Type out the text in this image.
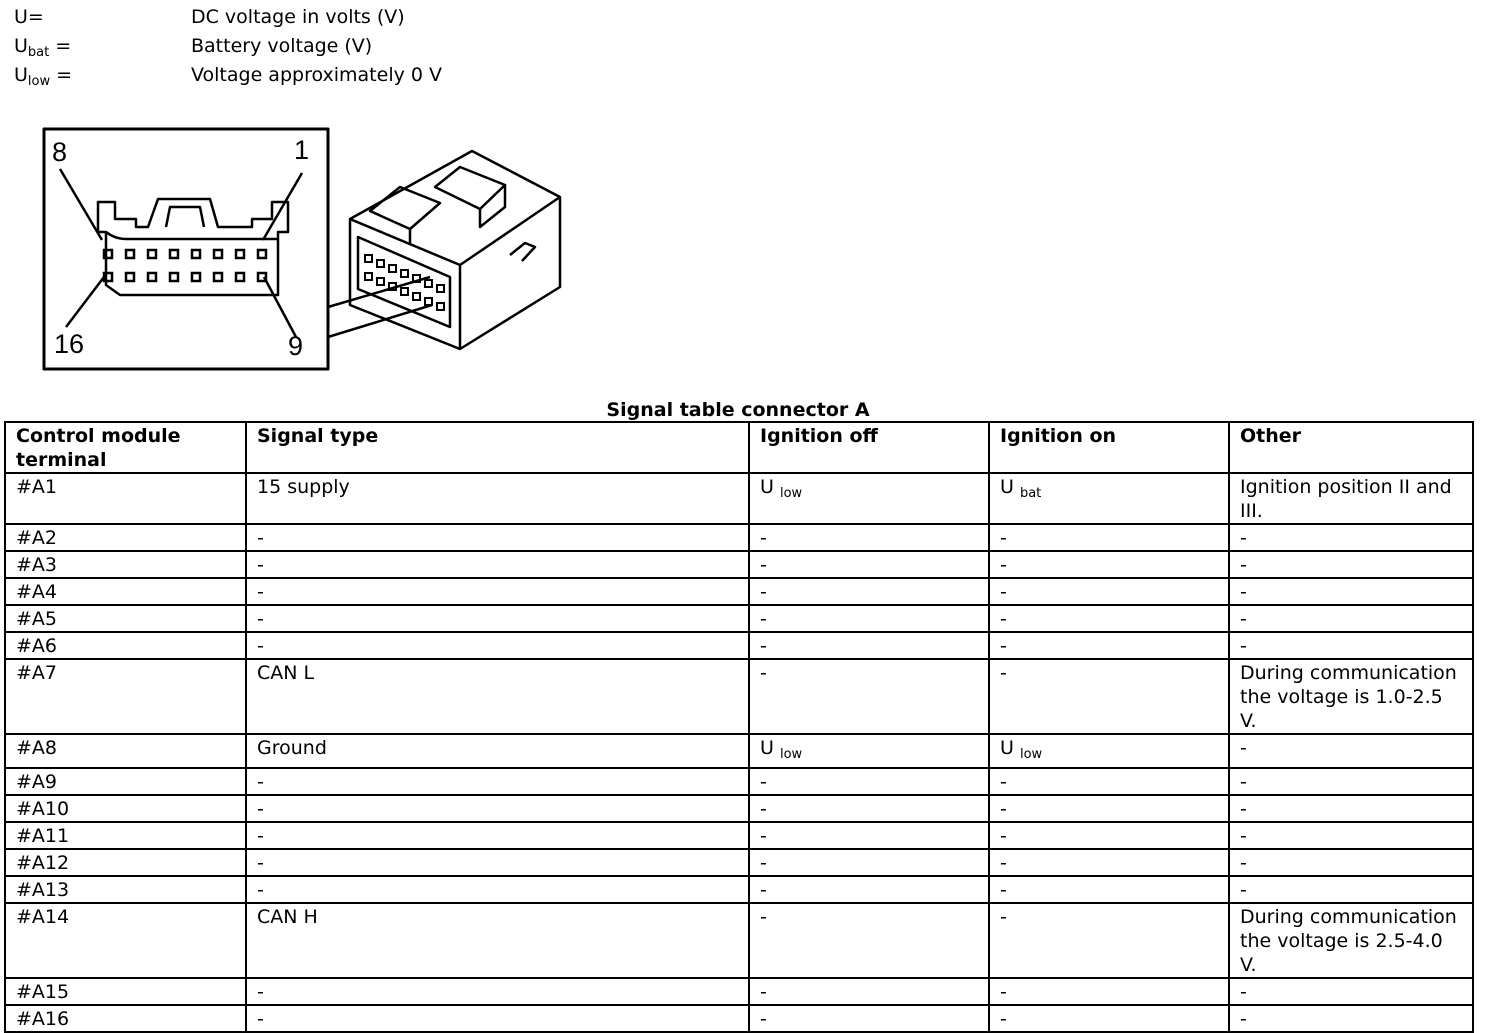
U=	DC voltage in volts (V)
$U_{bat}$ =	Battery voltage (V)
$U_{low}$ =	Voltage approximately 0 V
8	1
16	9
Signal table connector A
Control module terminal	Signal type	Ignition off	Ignition on	Other
#A1	15 supply	U $_{low}$	U $_{bat}$	Ignition position II and III.
#A2	-	-	-	-
#A3	-	-	-	-
#A4	-	-	-	-
#A5	-	-	-	-
#A6	-	-	-	-
#A7	CAN L	-	-	During communication the voltage is 1.0-2.5 V.
#A8	Ground	U $_{low}$	U $_{low}$	-
#A9	-	-	-	-
#A10	-	-	-	-
#A11	-	-	-	-
#A12	-	-	-	-
#A13	-	-	-	-
#A14	CAN H	-	-	During communication the voltage is 2.5-4.0 V.
#A15	-	-	-	-
#A16	-	-	-	-
